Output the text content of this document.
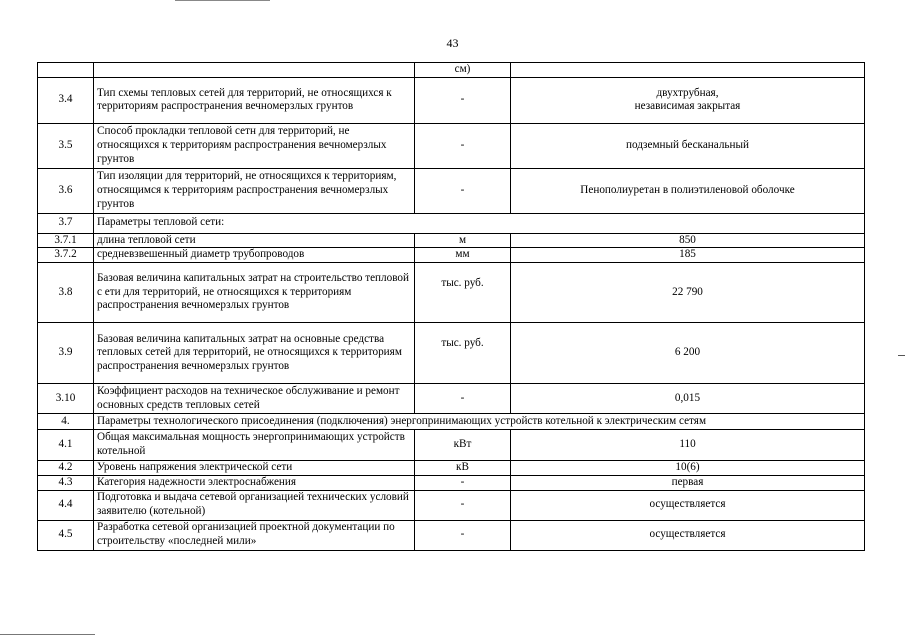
43
		см)	
3.4	Тип схемы тепловых сетей для территорий, не относящихся к территориям распространения вечномерзлых грунтов	-	двухтрубная,
независимая закрытая
3.5	Способ прокладки тепловой сетн для территорий, не относящихся к территориям распространения вечномерзлых грунтов	-	подземный бесканальный
3.6	Тип изоляции для территорий, не относящихся к территориям, относящимся к территориям распространения вечномерзлых грунтов	-	Пенополиуретан в полиэтиленовой оболочке
3.7	Параметры тепловой сети:		
3.7.1	длина тепловой сети	м	850
3.7.2	средневзвешенный диаметр трубопроводов	мм	185
3.8	Базовая величина капитальных затрат на строительство тепловой с ети для территорий, не относящихся к территориям распространения вечномерзлых грунтов	тыс. руб.	22 790
3.9	Базовая величина капитальных затрат на основные средства тепловых сетей для территорий, не относящихся к территориям распространения вечномерзлых грунтов	тыс. руб.	6 200
3.10	Коэффициент расходов на техническое обслуживание и ремонт основных средств тепловых сетей	-	0,015
4.	Параметры технологического присоединения (подключения) энергопринимающих устройств котельной к электрическим сетям		
4.1	Общая максимальная мощность энергопринимающих устройств котельной	кВт	110
4.2	Уровень напряжения электрической сети	кВ	10(6)
4.3	Категория надежности электроснабжения	-	первая
4.4	Подготовка и выдача сетевой организацией технических условий заявителю (котельной)	-	осуществляется
4.5	Разработка сетевой организацией проектной документации по строительству «последней мили»	-	осуществляется
